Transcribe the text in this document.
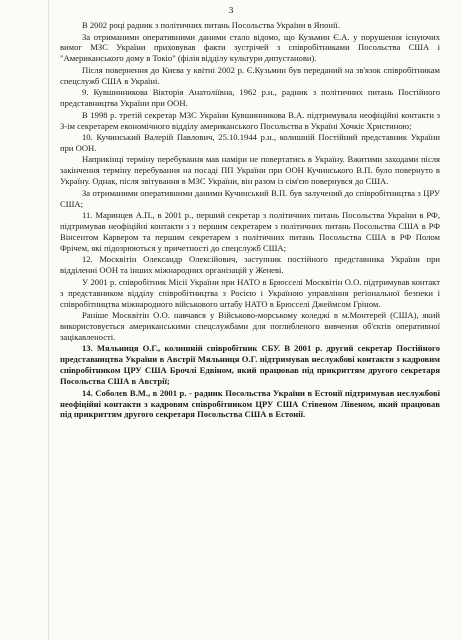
3

В 2002 році радник з політичних питань Посольства України в Японії.

За отриманими оперативними даними стало відомо, що Кузьмин Є.А. у порушення існуючих вимог МЗС України приховував факти зустрічей з співробітниками Посольства США і "Американського дому в Токіо" (філія відділу культури дипустанови).

Після повернення до Києва у квітні 2002 р. Є.Кузьмин був переданий на зв'язок співробітникам спецслужб США в Україні.

9. Кувшинникова Вікторія Анатоліївна, 1962 р.н., радник з політичних питань Постійного представництва України при ООН.

В 1998 р. третій секретар МЗС України Кувшинникова В.А. підтримувала неофіційні контакти з 3-ім секретарем економічного відділу американського Посольства в Україні Хочкіс Христиною;

10. Кучинський Валерій Павлович, 25.10.1944 р.н., колишній Постійний представник України при ООН.

Наприкінці терміну перебування мав наміри не повертатись в Україну. Вжитими заходами після закінчення терміну перебування на посаді ПП України при ООН Кучинського В.П. було повернуто в Україну. Однак, після звітування в МЗС України, він разом із сім'єю повернувся до США.

За отриманими оперативними даними Кучинський В.П. був залучений до співробітництва з ЦРУ США;

11. Маринцев А.П., в 2001 р., перший секретар з політичних питань Посольства України в РФ, підтримував неофіційні контакти з з першим секретарем з політичних питань Посольства США в РФ Вінсентом Карвером та першим секретарем з політичних питань Посольства США в РФ Полом Фрічем, які підозрюються у причетності до спецслужб США;

12. Москвітін Олександр Олексійович, заступник постійного представника України при відділенні ООН та інших міжнародних організацій у Женеві.

У 2001 р. співробітник Місії України при НАТО в Брюсселі Москвітін О.О. підтримував контакт з представником відділу співробітництва з Росією і Україною управління регіональної безпеки і співробітництва міжнародного військового штабу НАТО в Брюсселі Джеймсом Гріном.

Раніше Москвітін О.О. навчався у Військово-морському коледжі в м.Монтерей (США), який використовується американськими спецслужбами для поглибленого вивчення об'єктів оперативної зацікавленості.

13. Мяльниця О.Г., колишній співробітник СБУ. В 2001 р. другий секретар Постійного представництва України в Австрії Мяльниця О.Г. підтримував неслужбові контакти з кадровим співробітником ЦРУ США Брочлі Едвіном, який працював під прикриттям другого секретаря Посольства США в Австрії;

14. Соболєв В.М., в 2001 р. - радник Посольства України в Естонії підтримував неслужбові неофіційні контакти з кадровим співробітником ЦРУ США Стівеном Лівеном, який працював під прикриттям другого секретаря Посольства США в Естонії.
